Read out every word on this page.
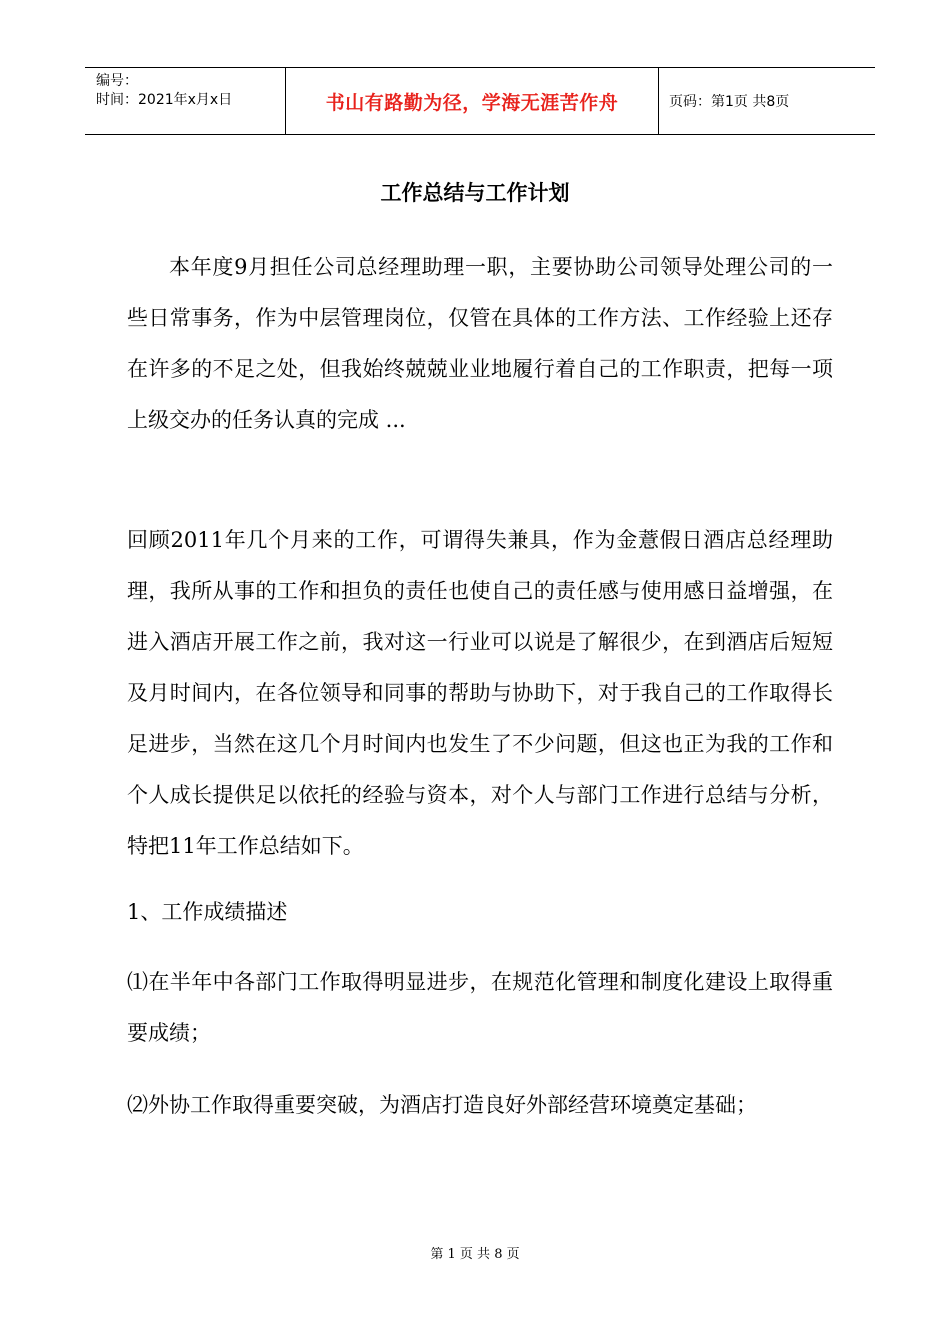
编号：
时间：2021年x月x日	书山有路勤为径，学海无涯苦作舟	页码：第1页 共8页
工作总结与工作计划

本年度9月担任公司总经理助理一职，主要协助公司领导处理公司的一些日常事务，作为中层管理岗位，仅管在具体的工作方法、工作经验上还存在许多的不足之处，但我始终兢兢业业地履行着自己的工作职责，把每一项上级交办的任务认真的完成 ...

回顾2011年几个月来的工作，可谓得失兼具，作为金薏假日酒店总经理助理，我所从事的工作和担负的责任也使自己的责任感与使用感日益增强，在进入酒店开展工作之前，我对这一行业可以说是了解很少，在到酒店后短短及月时间内，在各位领导和同事的帮助与协助下，对于我自己的工作取得长足进步，当然在这几个月时间内也发生了不少问题，但这也正为我的工作和个人成长提供足以依托的经验与资本，对个人与部门工作进行总结与分析，特把11年工作总结如下。

1、工作成绩描述

⑴在半年中各部门工作取得明显进步，在规范化管理和制度化建设上取得重要成绩；

⑵外协工作取得重要突破，为酒店打造良好外部经营环境奠定基础；

第 1 页 共 8 页
